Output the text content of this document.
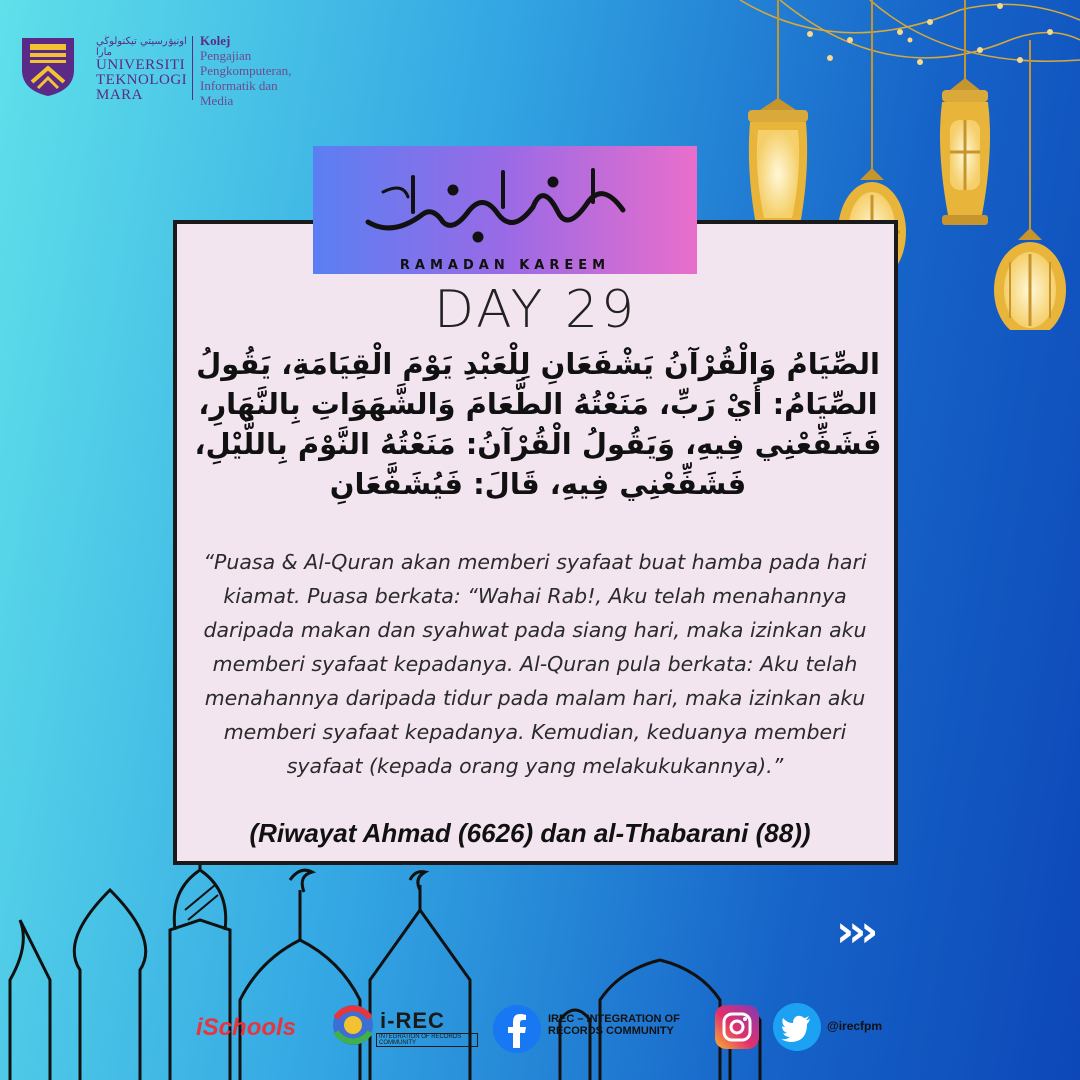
اونيۏرسيتي تيكنولوڬي مارا
UNIVERSITI
TEKNOLOGI
MARA
Kolej
Pengajian
Pengkomputeran,
Informatik dan
Media
RAMADAN KAREEM
DAY 29
الصِّيَامُ وَالْقُرْآنُ يَشْفَعَانِ لِلْعَبْدِ يَوْمَ الْقِيَامَةِ، يَقُولُ الصِّيَامُ: أَيْ رَبِّ، مَنَعْتُهُ الطَّعَامَ وَالشَّهَوَاتِ بِالنَّهَارِ، فَشَفِّعْنِي فِيهِ، وَيَقُولُ الْقُرْآنُ: مَنَعْتُهُ النَّوْمَ بِاللَّيْلِ، فَشَفِّعْنِي فِيهِ، قَالَ: فَيُشَفَّعَانِ
“Puasa & Al-Quran akan memberi syafaat buat hamba pada hari kiamat. Puasa berkata: “Wahai Rab!, Aku telah menahannya daripada makan dan syahwat pada siang hari, maka izinkan aku memberi syafaat kepadanya. Al-Quran pula berkata: Aku telah menahannya daripada tidur pada malam hari, maka izinkan aku memberi syafaat kepadanya. Kemudian, keduanya memberi syafaat (kepada orang yang melakukukannya).”
(Riwayat Ahmad (6626) dan al-Thabarani (88))
›››
iSchools	i-REC
INTEGRATION OF RECORDS COMMUNITY
IREC – INTEGRATION OF RECORDS COMMUNITY	@irecfpm
